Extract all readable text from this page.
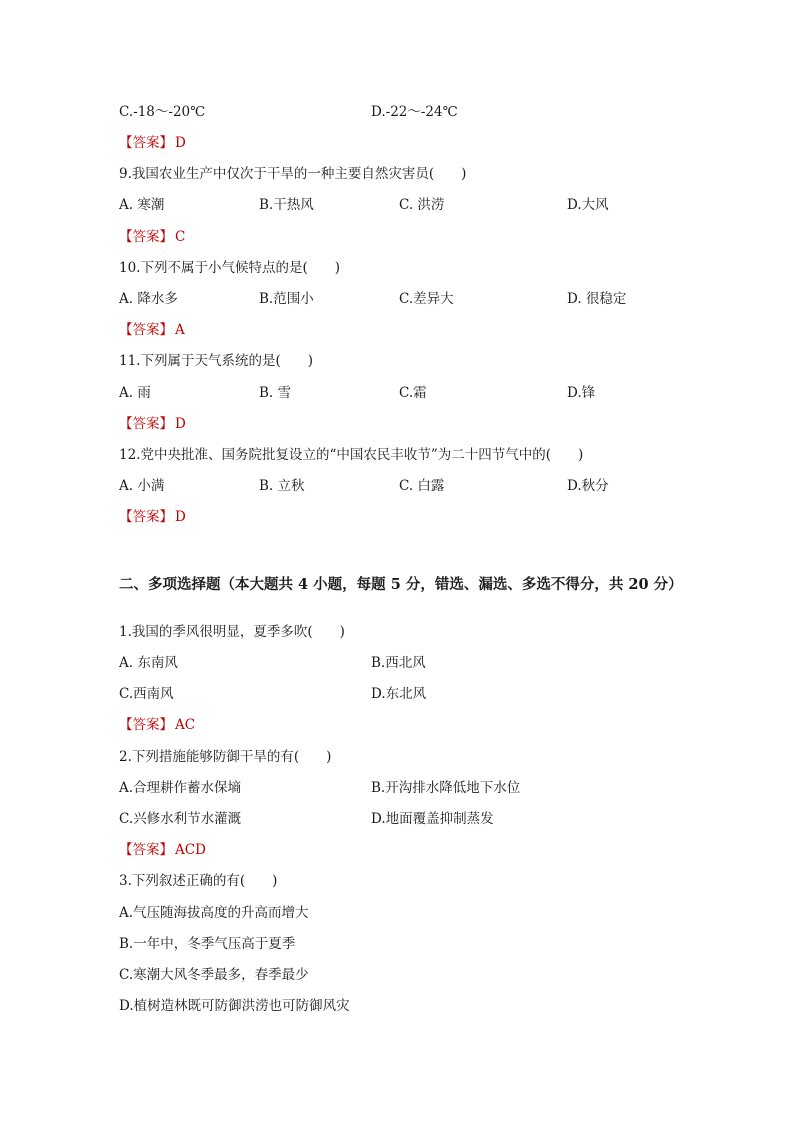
C.-18～-20℃	D.-22～-24℃
【答案】 D
9.我国农业生产中仅次于干旱的一种主要自然灾害员(　　)
A. 寒潮	B.干热风	C. 洪涝	D.大风
【答案】 C
10.下列不属于小气候特点的是(　　)
A. 降水多	B.范围小	C.差异大	D. 很稳定
【答案】 A
11.下列属于天气系统的是(　　)
A. 雨	B. 雪	C.霜	D.锋
【答案】 D
12.党中央批准、国务院批复设立的“中国农民丰收节”为二十四节气中的(　　)
A. 小满	B. 立秋	C. 白露	D.秋分
【答案】 D
二、多项选择题（本大题共 4 小题，每题 5 分，错选、漏选、多选不得分，共 20 分）
1.我国的季风很明显，夏季多吹(　　)
A. 东南风	B.西北风
C.西南风	D.东北风
【答案】 AC
2.下列措施能够防御干旱的有(　　)
A.合理耕作蓄水保墒	B.开沟排水降低地下水位
C.兴修水利节水灌溉	D.地面覆盖抑制蒸发
【答案】 ACD
3.下列叙述正确的有(　　)
A.气压随海拔高度的升高而增大
B.一年中，冬季气压高于夏季
C.寒潮大风冬季最多，春季最少
D.植树造林既可防御洪涝也可防御风灾
